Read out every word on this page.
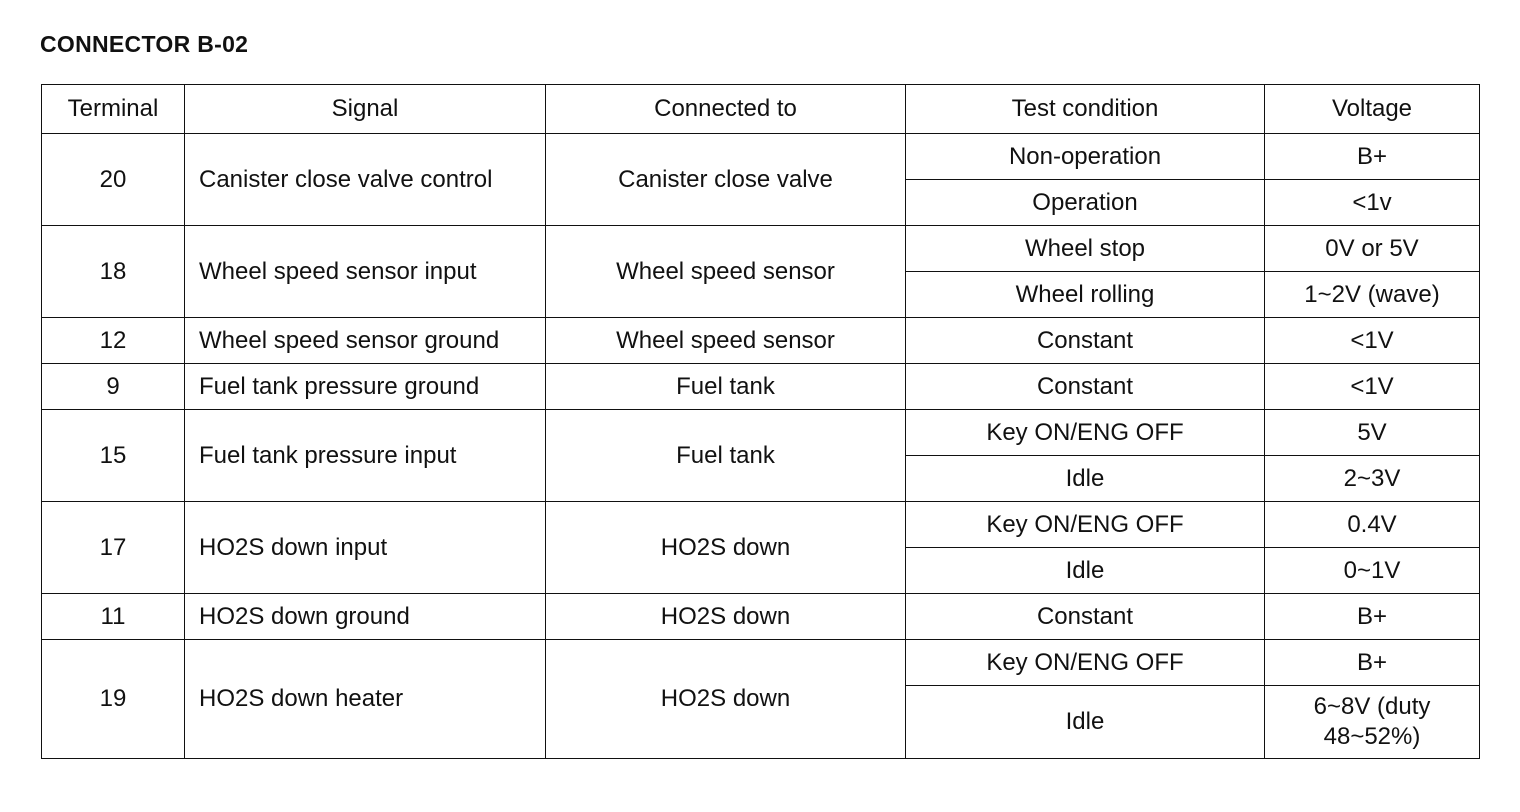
CONNECTOR B-02
Terminal	Signal	Connected to	Test condition	Voltage
20	Canister close valve control	Canister close valve	Non-operation	B+
			Operation	<1v
18	Wheel speed sensor input	Wheel speed sensor	Wheel stop	0V or 5V
			Wheel rolling	1~2V (wave)
12	Wheel speed sensor ground	Wheel speed sensor	Constant	<1V
9	Fuel tank pressure ground	Fuel tank	Constant	<1V
15	Fuel tank pressure input	Fuel tank	Key ON/ENG OFF	5V
			Idle	2~3V
17	HO2S down input	HO2S down	Key ON/ENG OFF	0.4V
			Idle	0~1V
11	HO2S down ground	HO2S down	Constant	B+
19	HO2S down heater	HO2S down	Key ON/ENG OFF	B+
			Idle	6~8V (duty 48~52%)
